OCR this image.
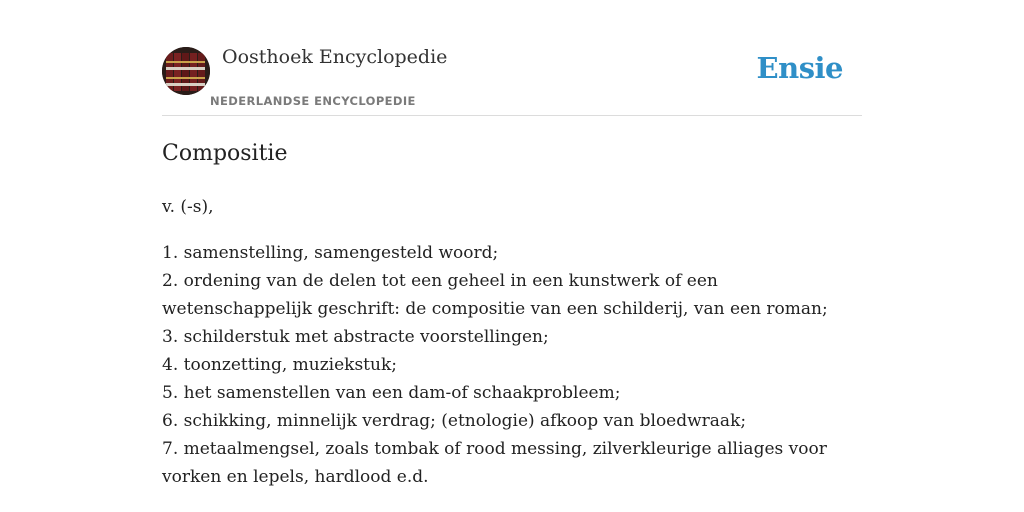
Oosthoek Encyclopedie
NEDERLANDSE ENCYCLOPEDIE
Ensie
Compositie
v. (-s),
1. samenstelling, samengesteld woord;
2. ordening van de delen tot een geheel in een kunstwerk of een wetenschappelijk geschrift: de compositie van een schilderij, van een roman;
3. schilderstuk met abstracte voorstellingen;
4. toonzetting, muziekstuk;
5. het samenstellen van een dam-of schaakprobleem;
6. schikking, minnelijk verdrag; (etnologie) afkoop van bloedwraak;
7. metaalmengsel, zoals tombak of rood messing, zilverkleurige alliages voor vorken en lepels, hardlood e.d.
